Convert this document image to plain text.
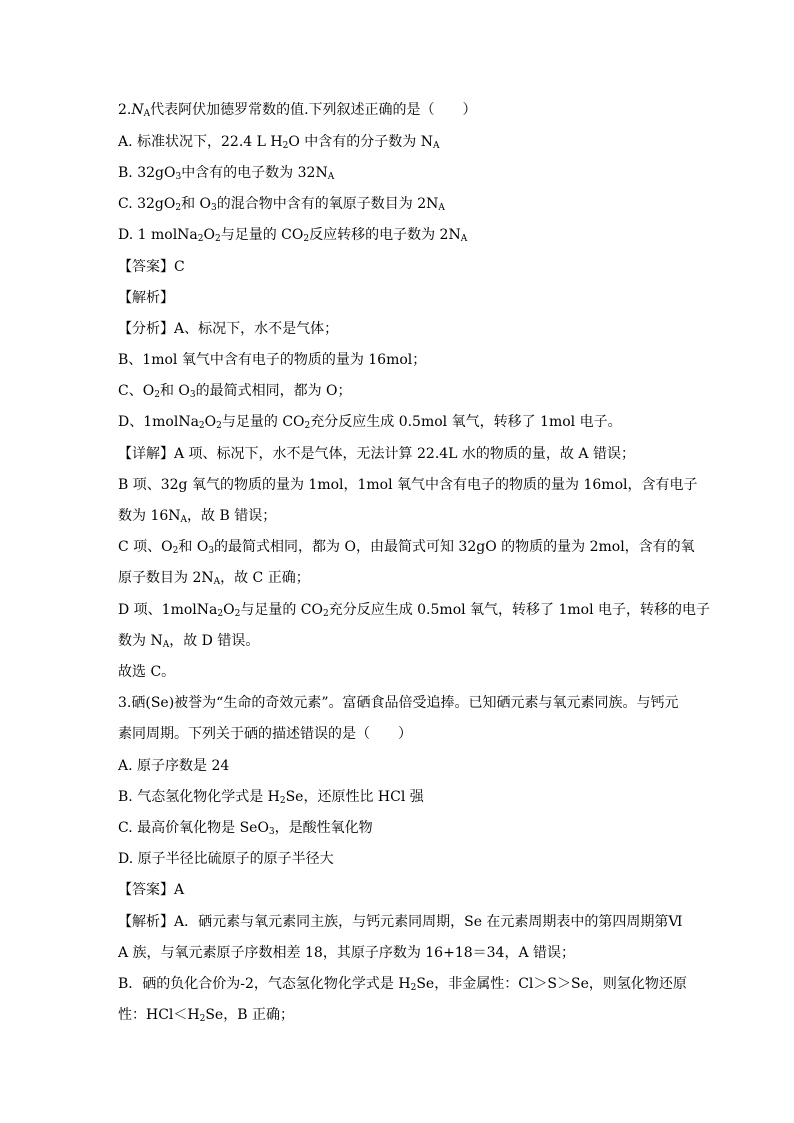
$2.N_A$代表阿伏加德罗常数的值.下列叙述正确的是（　　）
A. 标准状况下，22.4 L $H_2O$ 中含有的分子数为 $N_A$
B. $32gO_3$中含有的电子数为 $32N_A$
C. $32gO_2$和 $O_3$的混合物中含有的氧原子数目为 $2N_A$
D. 1 $molNa_2O_2$与足量的 $CO_2$反应转移的电子数为 $2N_A$
【答案】C
【解析】
【分析】A、标况下，水不是气体；
B、1mol 氧气中含有电子的物质的量为 16mol；
C、$O_2$和 $O_3$的最简式相同，都为 O；
D、$1molNa_2O_2$与足量的 $CO_2$充分反应生成 0.5mol 氧气，转移了 1mol 电子。
【详解】A 项、标况下，水不是气体，无法计算 22.4L 水的物质的量，故 A 错误；
B 项、32g 氧气的物质的量为 1mol，1mol 氧气中含有电子的物质的量为 16mol，含有电子
数为 $16N_A$，故 B 错误；
C 项、$O_2$和 $O_3$的最简式相同，都为 O，由最简式可知 32gO 的物质的量为 2mol，含有的氧
原子数目为 $2N_A$，故 C 正确；
D 项、$1molNa_2O_2$与足量的 $CO_2$充分反应生成 0.5mol 氧气，转移了 1mol 电子，转移的电子
数为 $N_A$，故 D 错误。
故选 C。
3.硒(Se)被誉为“生命的奇效元素”。富硒食品倍受追捧。已知硒元素与氧元素同族。与钙元
素同周期。下列关于硒的描述错误的是（　　）
A. 原子序数是 24
B. 气态氢化物化学式是 $H_2Se$，还原性比 HCl 强
C. 最高价氧化物是 SeO$_3$，是酸性氧化物
D. 原子半径比硫原子的原子半径大
【答案】A
【解析】A．硒元素与氧元素同主族，与钙元素同周期，Se 在元素周期表中的第四周期第Ⅵ
A 族，与氧元素原子序数相差 18，其原子序数为 16+18＝34，A 错误；
B．硒的负化合价为-2，气态氢化物化学式是 $H_2Se$，非金属性：Cl＞S＞Se，则氢化物还原
性：$HCl<H_2Se$，B 正确；
